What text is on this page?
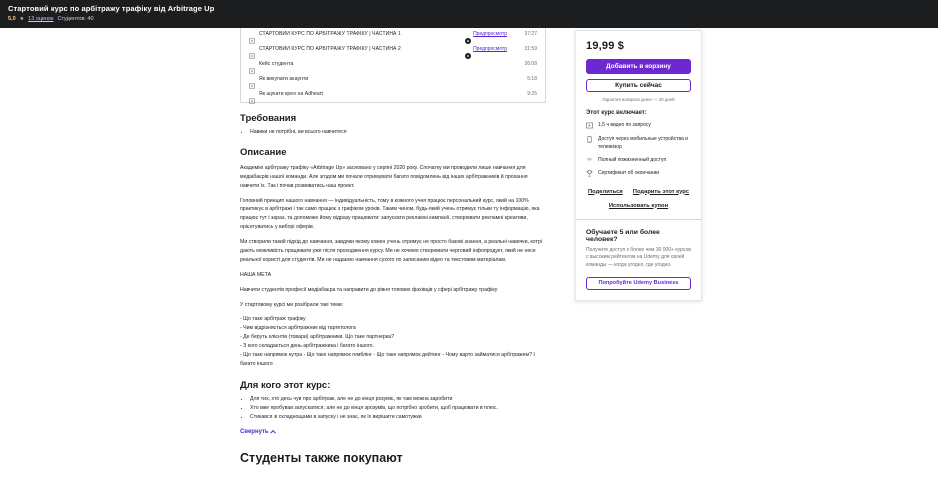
Стартовий курс по арбітражу трафіку від Arbitrage Up
5,0 ★ 13 оценок Студентов: 40
СТАРТОВИЙ КУРС ПО АРБІТРАЖУ ТРАФІКУ | ЧАСТИНА 1	Предпросмотр	37:27
СТАРТОВИЙ КУРС ПО АРБІТРАЖУ ТРАФІКУ | ЧАСТИНА 2	Предпросмотр	31:59
Кейс студента	26:08
Як викупати акаунти	5:18
Як шукати крео на Adheart	9:25
Требования
• Навики не потрібні, ви всього навчитеся
Описание

Академію арбітражу трафіку «Arbitrage Up» засновано у серпні 2020 року. Спочатку ми проводили лише навчання для медіабаєрів нашої команди. Але згодом ми почали отримувати багато повідомлень від інших арбітражників й прохання навчити їх. Так і почав розвиватись наш проект.

Головний принцип нашого навчання — індивідуальність, тому в кожного учня працює персональний курс, який на 100% практикує в арбітражі і так само працює з графіком уроків. Таким чином, будь-який учень отримує тільки ту інформацію, яка працює тут і зараз, та допоможе йому відразу працювати: запускати рекламні кампанії, створювати рекламні креативи, орієнтуватись у виборі оферів.

Ми створили такий підхід до навчання, завдяки якому кожен учень отримує не просто базові знання, а реальні навички, котрі дають можливість працювати уже після проходження курсу. Ми не хочемо створювати черговий інфопродукт, який не несе реальної користі для студентів. Ми не надаємо навчання сухого по записаним відео та текстовим матеріалам.

НАША МЕТА

Навчити студентів професії медіабаєра та направити до рівня топових фахівців у сфері арбітражу трафіку

У стартовому курсі ми розібрали такі теми:

- Що таке арбітраж трафіку
- Чим відрізняється арбітражник від таргетолога
- Де беруть клієнтів (товари) арбітражники. Що таке партнерка?
- З кого складається день арбітражника і багато іншого.
- Що таке напрямок нутра - Що таке напрямок гемблінг - Що таке напрямок дейтинг - Чому варто займатися арбітражем? І багато іншого
Для кого этот курс:
• Для тих, хто десь чув про арбітраж, але не до кінця розуміє, як там можна заробити
• Хто вже пробував запускатися, але не до кінця зрозумів, що потрібно зробити, щоб працювати в плюс.
• Стикався зі складнощами в запуску і не знає, як їх вирішити самотужки
Свернуть
Студенты также покупают
19,99 $
Добавить в корзину
Купить сейчас
Гарантия возврата денег — 30 дней
Этот курс включает:
1,5 ч видео по запросу
Доступ через мобильные устройства и телевизор
∞ Полный пожизненный доступ
Сертификат об окончании
Поделиться Подарить этот курс
Использовать купон
Обучаете 5 или более человек?
Получите доступ к более чем 30 000+ курсов с высоким рейтингом на Udemy для своей команды — когда угодно, где угодно.
Попробуйте Udemy Business
